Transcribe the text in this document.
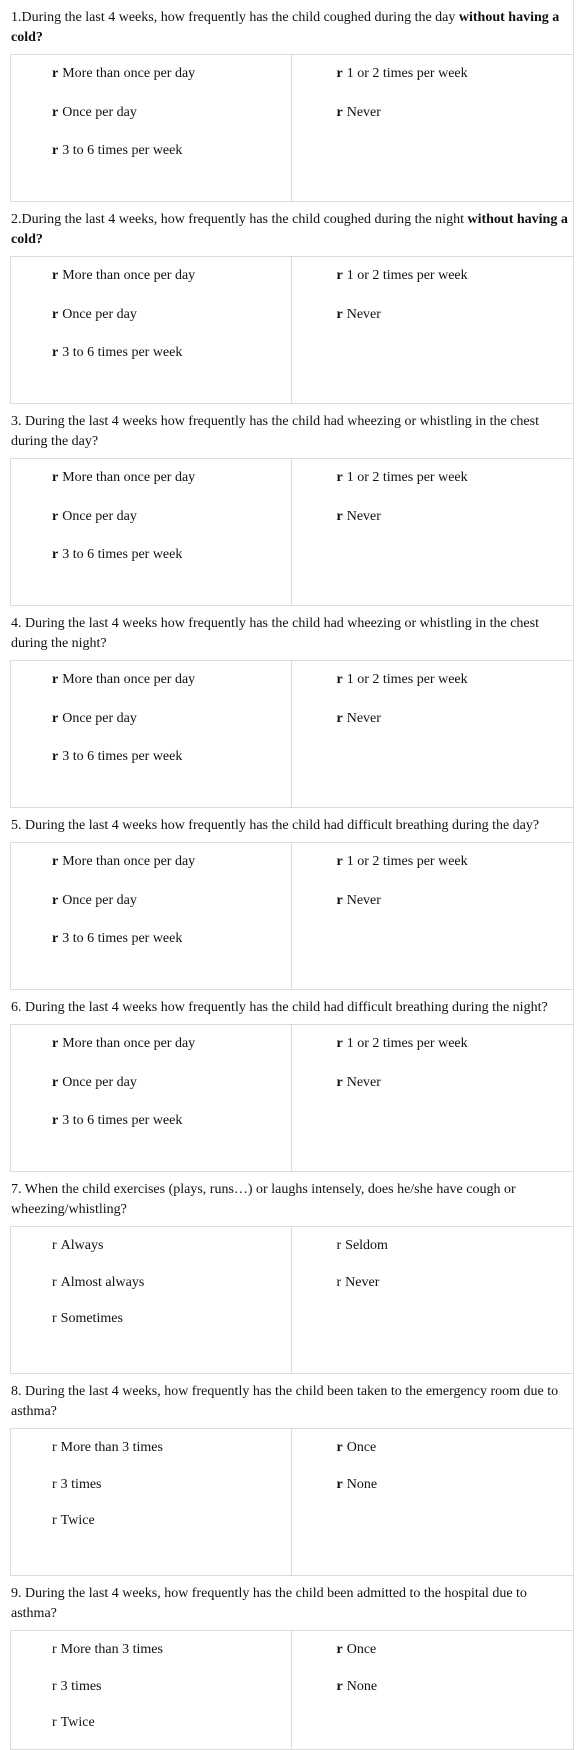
1.During the last 4 weeks, how frequently has the child coughed during the day without having a cold?
r More than once per day
r Once per day
r 3 to 6 times per week
r 1 or 2 times per week
r Never
2.During the last 4 weeks, how frequently has the child coughed during the night without having a cold?
r More than once per day
r Once per day
r 3 to 6 times per week
r 1 or 2 times per week
r Never
3. During the last 4 weeks how frequently has the child had wheezing or whistling in the chest during the day?
r More than once per day
r Once per day
r 3 to 6 times per week
r 1 or 2 times per week
r Never
4. During the last 4 weeks how frequently has the child had wheezing or whistling in the chest during the night?
r More than once per day
r Once per day
r 3 to 6 times per week
r 1 or 2 times per week
r Never
5. During the last 4 weeks how frequently has the child had difficult breathing during the day?
r More than once per day
r Once per day
r 3 to 6 times per week
r 1 or 2 times per week
r Never
6. During the last 4 weeks how frequently has the child had difficult breathing during the night?
r More than once per day
r Once per day
r 3 to 6 times per week
r 1 or 2 times per week
r Never
7. When the child exercises (plays, runs…) or laughs intensely, does he/she have cough or wheezing/whistling?
r Always
r Almost always
r Sometimes
r Seldom
r Never
8. During the last 4 weeks, how frequently has the child been taken to the emergency room due to asthma?
r More than 3 times
r 3 times
r Twice
r Once
r None
9. During the last 4 weeks, how frequently has the child been admitted to the hospital due to asthma?
r More than 3 times
r 3 times
r Twice
r Once
r None
